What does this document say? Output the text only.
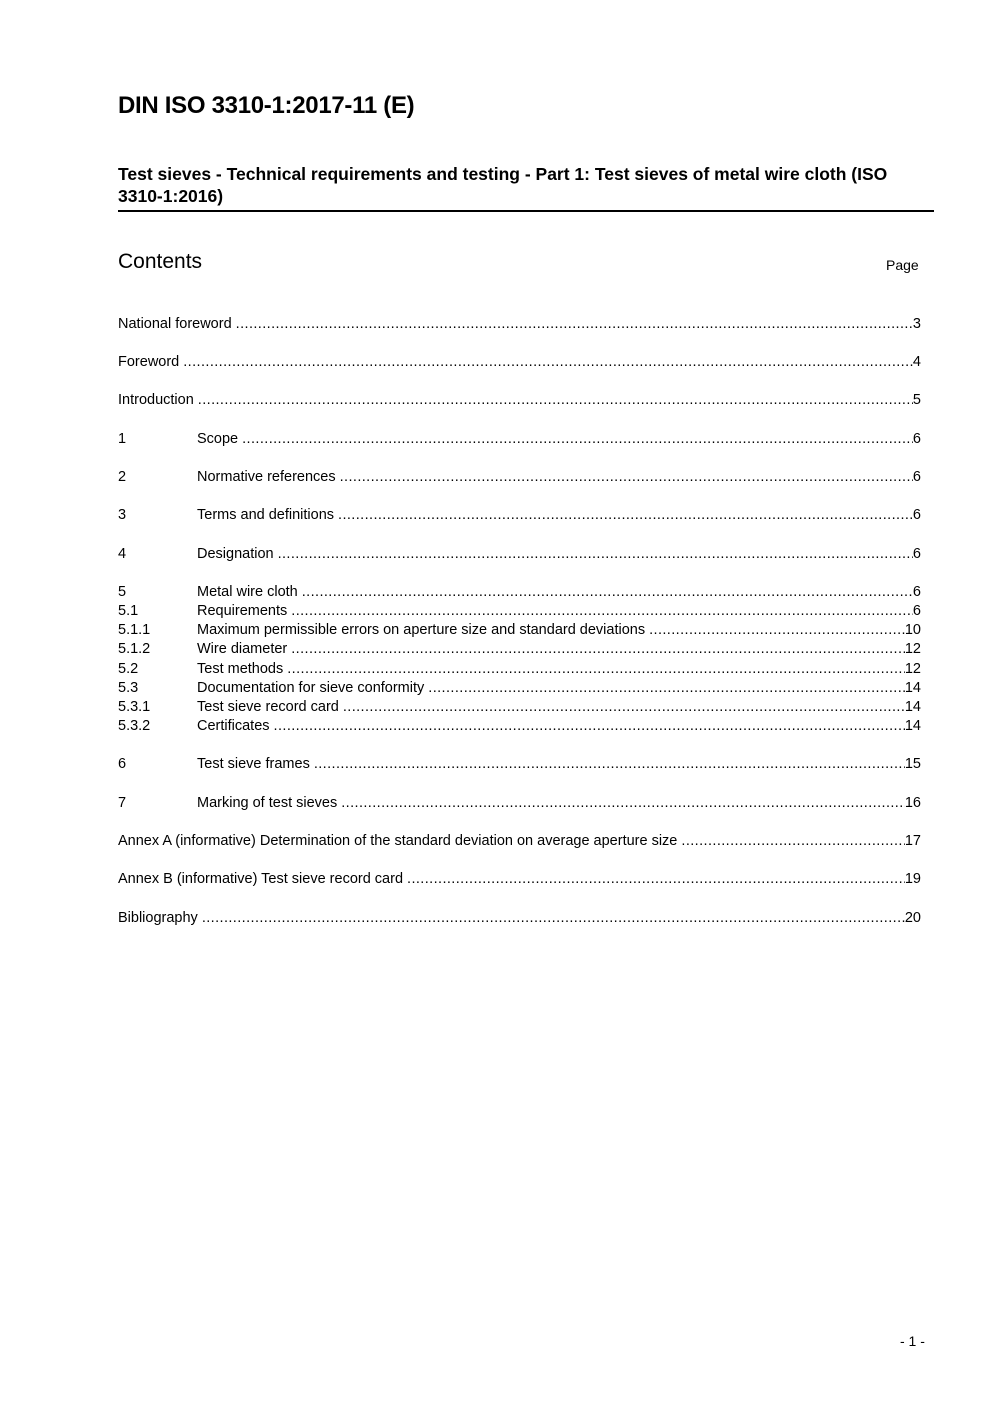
DIN ISO 3310-1:2017-11 (E)
Test sieves - Technical requirements and testing - Part 1: Test sieves of metal wire cloth (ISO 3310-1:2016)
Contents	Page
National foreword .....	3
Foreword .....	4
Introduction .....	5
1	Scope .....	6
2	Normative references .....	6
3	Terms and definitions .....	6
4	Designation .....	6
5	Metal wire cloth .....	6
5.1	Requirements .....	6
5.1.1	Maximum permissible errors on aperture size and standard deviations .....	10
5.1.2	Wire diameter .....	12
5.2	Test methods .....	12
5.3	Documentation for sieve conformity .....	14
5.3.1	Test sieve record card .....	14
5.3.2	Certificates .....	14
6	Test sieve frames .....	15
7	Marking of test sieves .....	16
Annex A (informative) Determination of the standard deviation on average aperture size .....	17
Annex B (informative) Test sieve record card .....	19
Bibliography .....	20
- 1 -
